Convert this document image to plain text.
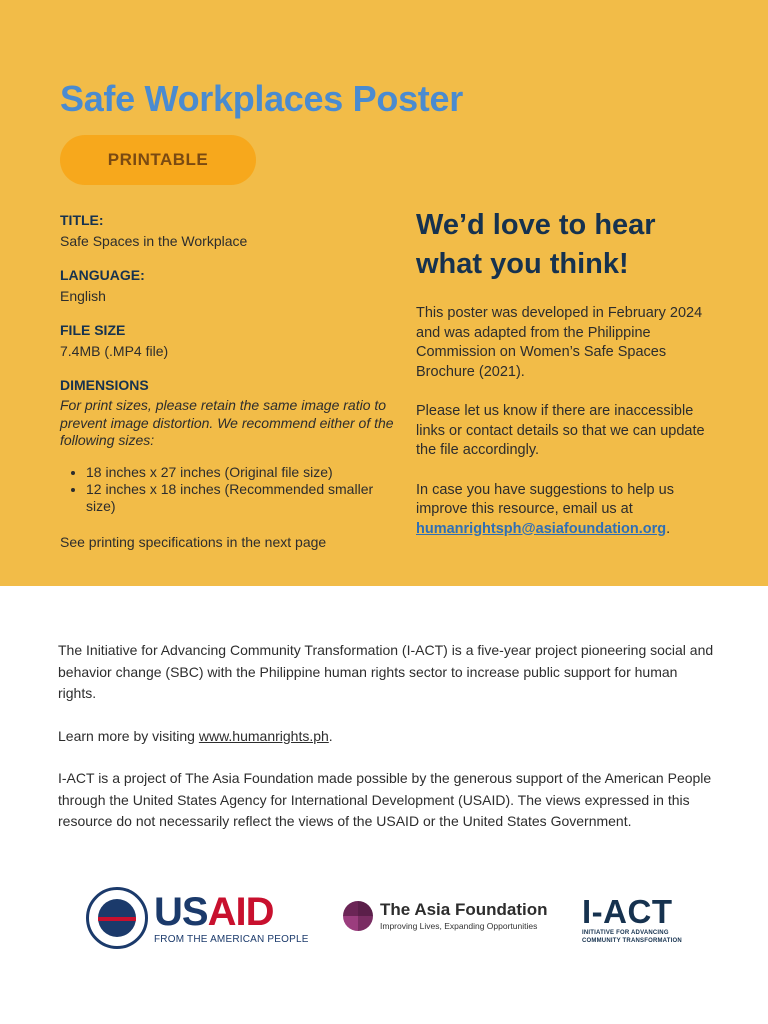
Safe Workplaces Poster
PRINTABLE

TITLE:

Safe Spaces in the Workplace

LANGUAGE:

English

FILE SIZE

7.4MB (.MP4 file)

DIMENSIONS

For print sizes, please retain the same image ratio to prevent image distortion. We recommend either of the following sizes:

• 18 inches x 27 inches (Original file size)
• 12 inches x 18 inches (Recommended smaller size)

See printing specifications in the next page

We’d love to hear what you think!

This poster was developed in February 2024 and was adapted from the Philippine Commission on Women’s Safe Spaces Brochure (2021).

Please let us know if there are inaccessible links or contact details so that we can update the file accordingly.

In case you have suggestions to help us improve this resource, email us at humanrightsph@asiafoundation.org.

The Initiative for Advancing Community Transformation (I-ACT) is a five-year project pioneering social and behavior change (SBC) with the Philippine human rights sector to increase public support for human rights.

Learn more by visiting www.humanrights.ph.

I-ACT is a project of The Asia Foundation made possible by the generous support of the American People through the United States Agency for International Development (USAID). The views expressed in this resource do not necessarily reflect the views of the USAID or the United States Government.

USAID
FROM THE AMERICAN PEOPLE
The Asia Foundation
Improving Lives, Expanding Opportunities	I-ACT
INITIATIVE FOR ADVANCING
COMMUNITY TRANSFORMATION
